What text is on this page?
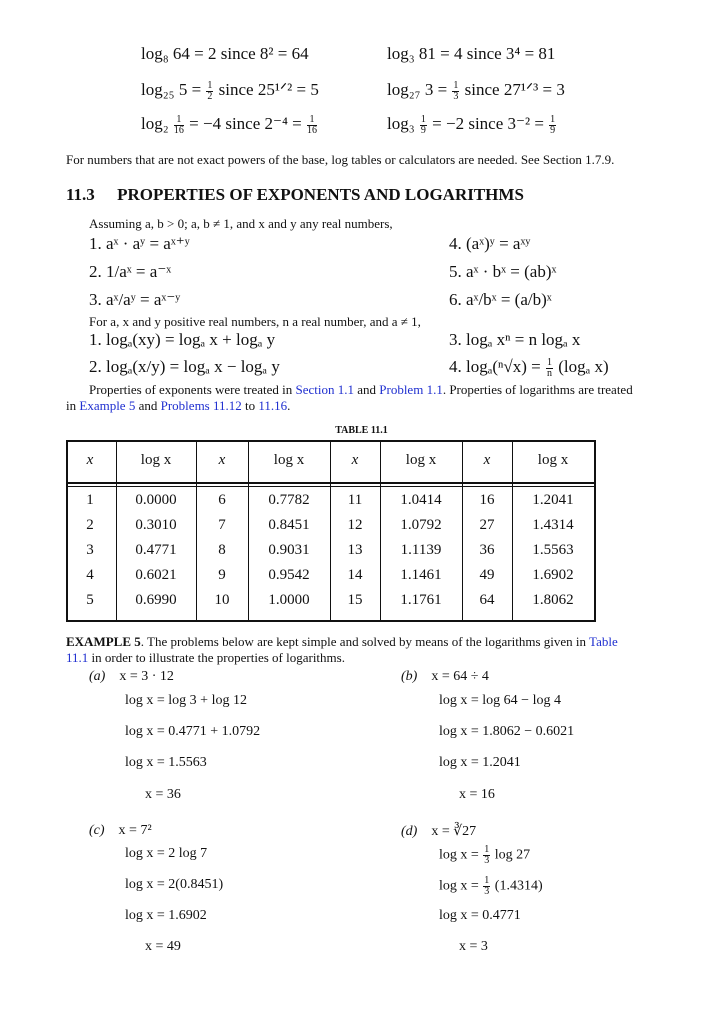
log₈ 64 = 2 since 8² = 64	log₃ 81 = 4 since 3⁴ = 81
log₂₅ $5 = \frac{1}{2}$ since 25¹ᐟ² = 5	log₂₇ $3 = \frac{1}{3}$ since 27¹ᐟ³ = 3
$\log_2 \frac{1}{16} = -4$ since $2^{-4} = \frac{1}{16}$	$\log_3 \frac{1}{9} = -2$ since $3^{-2} = \frac{1}{9}$
For numbers that are not exact powers of the base, log tables or calculators are needed. See Section 1.7.9.
11.3 PROPERTIES OF EXPONENTS AND LOGARITHMS
Assuming a, b > 0; a, b ≠ 1, and x and y any real numbers,
1. aˣ · aʸ = aˣ⁺ʸ
2. 1/aˣ = a⁻ˣ
3. aˣ/aʸ = aˣ⁻ʸ
4. (aˣ)ʸ = aˣʸ
5. aˣ · bˣ = (ab)ˣ
6. aˣ/bˣ = (a/b)ˣ
For a, x and y positive real numbers, n a real number, and a ≠ 1,
1. logₐ(xy) = logₐ x + logₐ y
2. logₐ(x/y) = logₐ x − logₐ y
3. logₐ xⁿ = n logₐ x
4. $\log_a(^n√x) = \frac{1}{n} (\log_a$ x)
Properties of exponents were treated in Section 1.1 and Problem 1.1. Properties of logarithms are treated
in Example 5 and Problems 11.12 to 11.16.
TABLE 11.1
x	log x	x	log x	x	log x	x	log x
1	0.0000	6	0.7782	11	1.0414	16	1.2041
2	0.3010	7	0.8451	12	1.0792	27	1.4314
3	0.4771	8	0.9031	13	1.1139	36	1.5563
4	0.6021	9	0.9542	14	1.1461	49	1.6902
5	0.6990	10	1.0000	15	1.1761	64	1.8062
EXAMPLE 5. The problems below are kept simple and solved by means of the logarithms given in Table
11.1 in order to illustrate the properties of logarithms.
(a) x = 3 · 12
log x = log 3 + log 12
log x = 0.4771 + 1.0792
log x = 1.5563
x = 36
(b) x = 64 ÷ 4
log x = log 64 − log 4
log x = 1.8062 − 0.6021
log x = 1.2041
x = 16
(c) x = 7²
log x = 2 log 7
log x = 2(0.8451)
log x = 1.6902
x = 49
(d) x = ∛27
$\log x = \frac{1}{3}$ log 27
$\log x = \frac{1}{3} (1.4314)$
log x = 0.4771
x = 3
